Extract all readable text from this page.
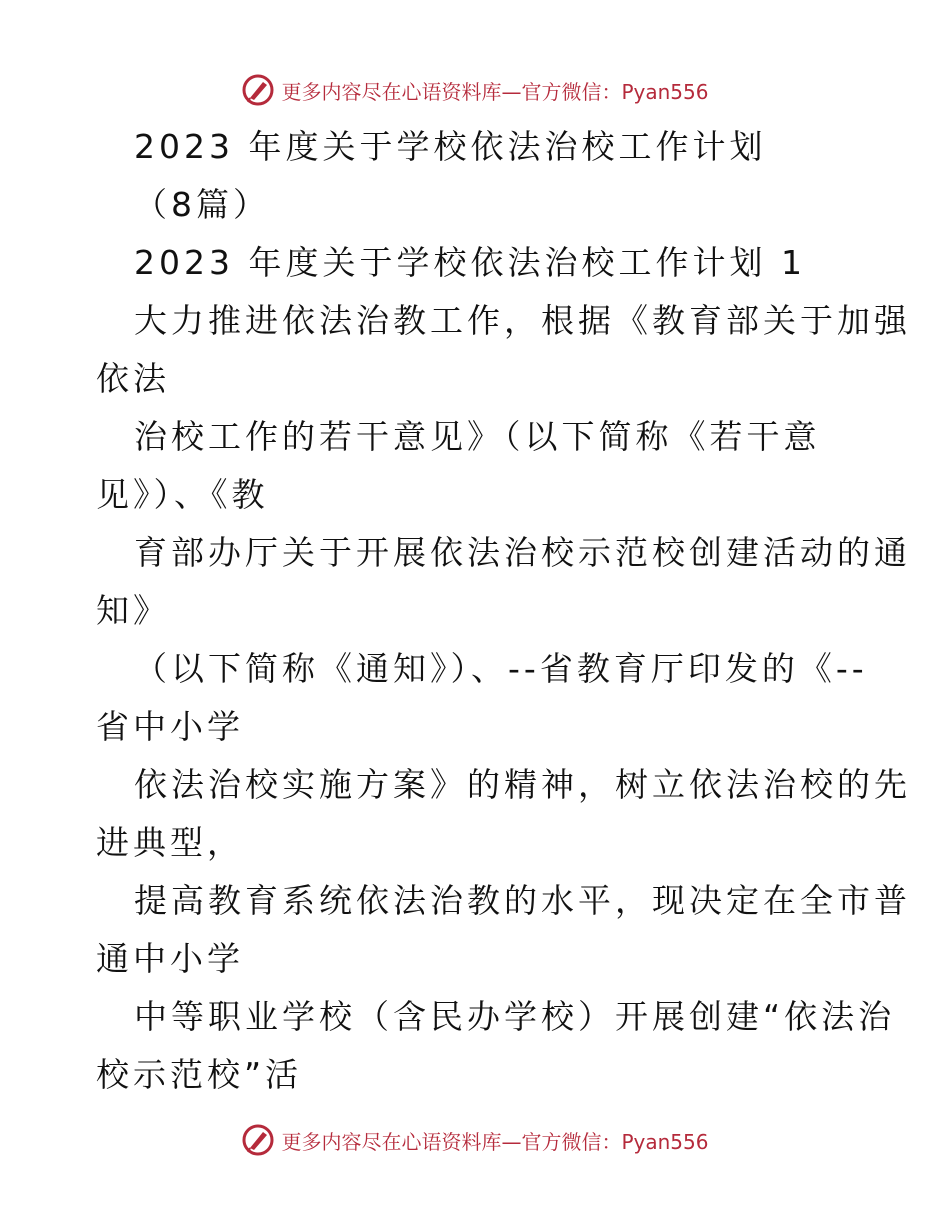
更多内容尽在心语资料库—官方微信：Pyan556
2023 年度关于学校依法治校工作计划
（8篇）
2023 年度关于学校依法治校工作计划 1
大力推进依法治教工作，根据《教育部关于加强
依法
治校工作的若干意见》（以下简称《若干意
见》）、《教
育部办厅关于开展依法治校示范校创建活动的通
知》
（以下简称《通知》）、--省教育厅印发的《--
省中小学
依法治校实施方案》的精神，树立依法治校的先
进典型，
提高教育系统依法治教的水平，现决定在全市普
通中小学
中等职业学校（含民办学校）开展创建“依法治
校示范校”活
更多内容尽在心语资料库—官方微信：Pyan556
